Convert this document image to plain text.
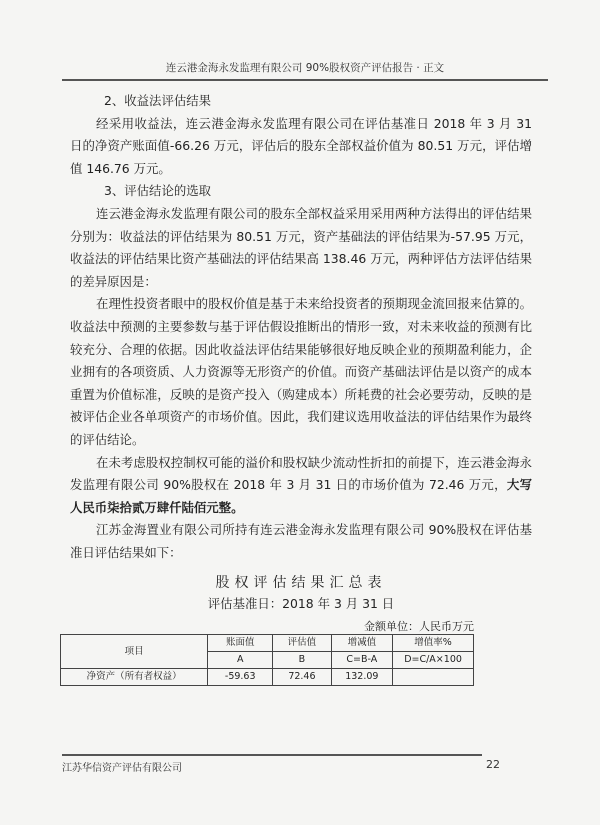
连云港金海永发监理有限公司 90%股权资产评估报告 · 正文

2、收益法评估结果

经采用收益法，连云港金海永发监理有限公司在评估基准日 2018 年 3 月 31 日的净资产账面值-66.26 万元，评估后的股东全部权益价值为 80.51 万元，评估增值 146.76 万元。

3、评估结论的选取

连云港金海永发监理有限公司的股东全部权益采用采用两种方法得出的评估结果分别为：收益法的评估结果为 80.51 万元，资产基础法的评估结果为-57.95 万元，收益法的评估结果比资产基础法的评估结果高 138.46 万元，两种评估方法评估结果的差异原因是：

在理性投资者眼中的股权价值是基于未来给投资者的预期现金流回报来估算的。收益法中预测的主要参数与基于评估假设推断出的情形一致，对未来收益的预测有比较充分、合理的依据。因此收益法评估结果能够很好地反映企业的预期盈利能力，企业拥有的各项资质、人力资源等无形资产的价值。而资产基础法评估是以资产的成本重置为价值标准，反映的是资产投入（购建成本）所耗费的社会必要劳动，反映的是被评估企业各单项资产的市场价值。因此，我们建议选用收益法的评估结果作为最终的评估结论。

在未考虑股权控制权可能的溢价和股权缺少流动性折扣的前提下，连云港金海永发监理有限公司 90%股权在 2018 年 3 月 31 日的市场价值为 72.46 万元，大写人民币柒拾贰万肆仟陆佰元整。

江苏金海置业有限公司所持有连云港金海永发监理有限公司 90%股权在评估基准日评估结果如下：

股权评估结果汇总表
评估基准日：2018 年 3 月 31 日
金额单位：人民币万元
项目	账面值	评估值	增减值	增值率%
	A	B	C=B-A	D=C/A×100
净资产（所有者权益）	-59.63	72.46	132.09	
江苏华信资产评估有限公司	22
